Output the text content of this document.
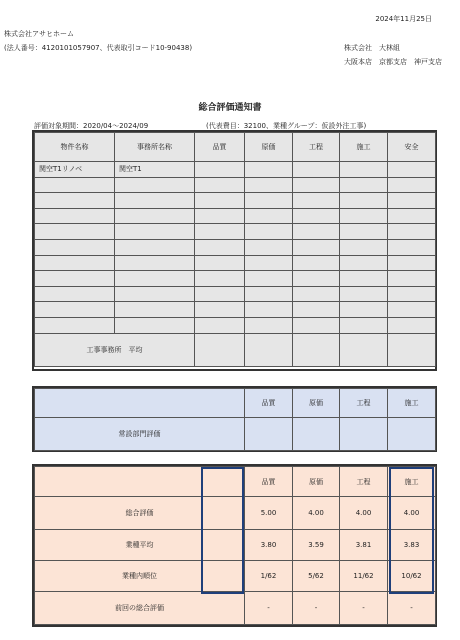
2024年11月25日
株式会社アサヒホーム
(法人番号：4120101057907、代表取引コード10-90438)	株式会社　大林組
大阪本店　京都支店　神戸支店
総合評価通知書
評価対象期間：2020/04～2024/09	(代表費目：32100、業種グループ：仮設外注工事)
物件名称	事務所名称	品質	原価	工程	施工	安全
関空T1リノベ	関空T1					

工事事務所　平均						
	品質	原価	工程	施工	
常設部門評価					
	品質	原価	工程	施工	
総合評価	5.00	4.00	4.00	4.00	
業種平均	3.80	3.59	3.81	3.83	
業種内順位	1/62	5/62	11/62	10/62	
前回の総合評価	-	-	-	-	
